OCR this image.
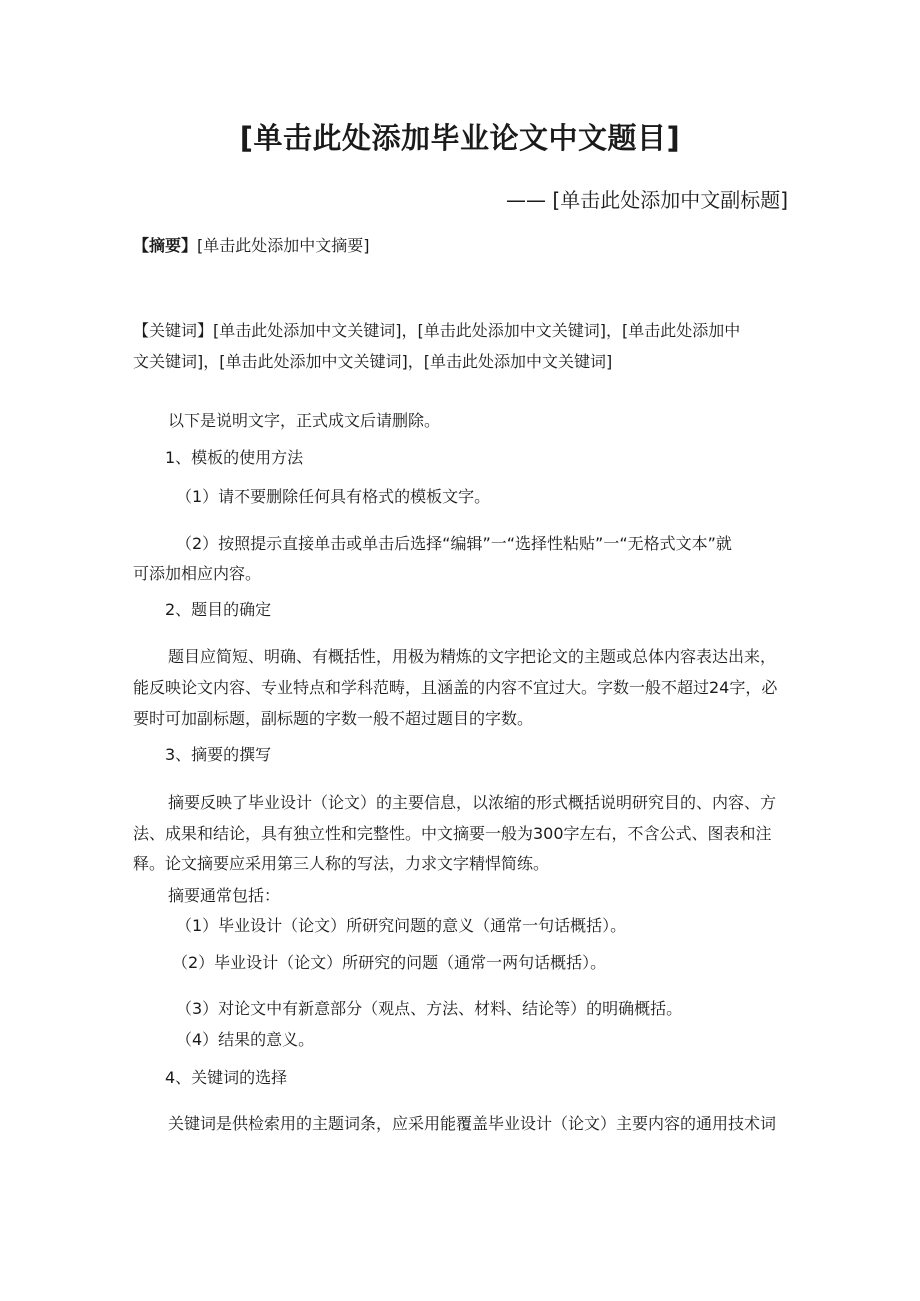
[单击此处添加毕业论文中文题目]
—— [单击此处添加中文副标题]
【摘要】[单击此处添加中文摘要]
【关键词】[单击此处添加中文关键词]，[单击此处添加中文关键词]，[单击此处添加中
文关键词]，[单击此处添加中文关键词]，[单击此处添加中文关键词]

以下是说明文字，正式成文后请删除。

1、模板的使用方法

（1）请不要删除任何具有格式的模板文字。

（2）按照提示直接单击或单击后选择“编辑”一“选择性粘贴”一“无格式文本”就

可添加相应内容。

2、题目的确定

题目应简短、明确、有概括性，用极为精炼的文字把论文的主题或总体内容表达出来，

能反映论文内容、专业特点和学科范畴，且涵盖的内容不宜过大。字数一般不超过24字，必

要时可加副标题，副标题的字数一般不超过题目的字数。

3、摘要的撰写

摘要反映了毕业设计（论文）的主要信息，以浓缩的形式概括说明研究目的、内容、方

法、成果和结论，具有独立性和完整性。中文摘要一般为300字左右，不含公式、图表和注

释。论文摘要应采用第三人称的写法，力求文字精悍简练。

摘要通常包括：

（1）毕业设计（论文）所研究问题的意义（通常一句话概括）。

（2）毕业设计（论文）所研究的问题（通常一两句话概括）。

（3）对论文中有新意部分（观点、方法、材料、结论等）的明确概括。

（4）结果的意义。

4、关键词的选择

关键词是供检索用的主题词条，应采用能覆盖毕业设计（论文）主要内容的通用技术词
